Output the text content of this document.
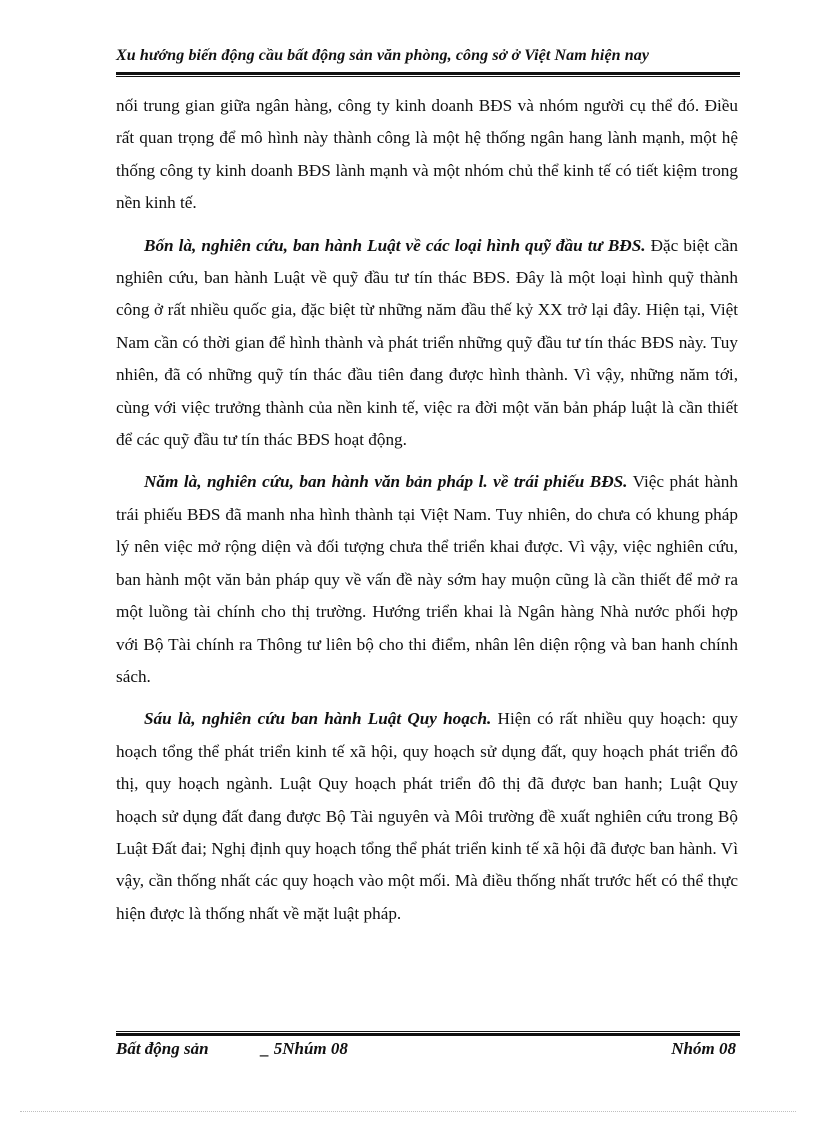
Xu hướng biến động cầu bất động sản văn phòng, công sở ở Việt Nam hiện nay

nối trung gian giữa ngân hàng, công ty kinh doanh BĐS và nhóm người cụ thể đó. Điều rất quan trọng để mô hình này thành công là một hệ thống ngân hang lành mạnh, một hệ thống công ty kinh doanh BĐS lành mạnh và một nhóm chủ thể kinh tế có tiết kiệm trong nền kinh tế.

Bốn là, nghiên cứu, ban hành Luật về các loại hình quỹ đầu tư BĐS. Đặc biệt cần nghiên cứu, ban hành Luật về quỹ đầu tư tín thác BĐS. Đây là một loại hình quỹ thành công ở rất nhiều quốc gia, đặc biệt từ những năm đầu thế kỷ XX trở lại đây. Hiện tại, Việt Nam cần có thời gian để hình thành và phát triển những quỹ đầu tư tín thác BĐS này. Tuy nhiên, đã có những quỹ tín thác đầu tiên đang được hình thành. Vì vậy, những năm tới, cùng với việc trưởng thành của nền kinh tế, việc ra đời một văn bản pháp luật là cần thiết để các quỹ đầu tư tín thác BĐS hoạt động.

Năm là, nghiên cứu, ban hành văn bản pháp l. về trái phiếu BĐS. Việc phát hành trái phiếu BĐS đã manh nha hình thành tại Việt Nam. Tuy nhiên, do chưa có khung pháp lý nên việc mở rộng diện và đối tượng chưa thể triển khai được. Vì vậy, việc nghiên cứu, ban hành một văn bản pháp quy về vấn đề này sớm hay muộn cũng là cần thiết để mở ra một luồng tài chính cho thị trường. Hướng triển khai là Ngân hàng Nhà nước phối hợp với Bộ Tài chính ra Thông tư liên bộ cho thi điểm, nhân lên diện rộng và ban hanh chính sách.

Sáu là, nghiên cứu ban hành Luật Quy hoạch. Hiện có rất nhiều quy hoạch: quy hoạch tổng thể phát triển kinh tế xã hội, quy hoạch sử dụng đất, quy hoạch phát triển đô thị, quy hoạch ngành. Luật Quy hoạch phát triển đô thị đã được ban hanh; Luật Quy hoạch sử dụng đất đang được Bộ Tài nguyên và Môi trường đề xuất nghiên cứu trong Bộ Luật Đất đai; Nghị định quy hoạch tổng thể phát triển kinh tế xã hội đã được ban hành. Vì vậy, cần thống nhất các quy hoạch vào một mối. Mà điều thống nhất trước hết có thể thực hiện được là thống nhất về mặt luật pháp.

Bất động sản	_ 5Nhúm 08	Nhóm 08
